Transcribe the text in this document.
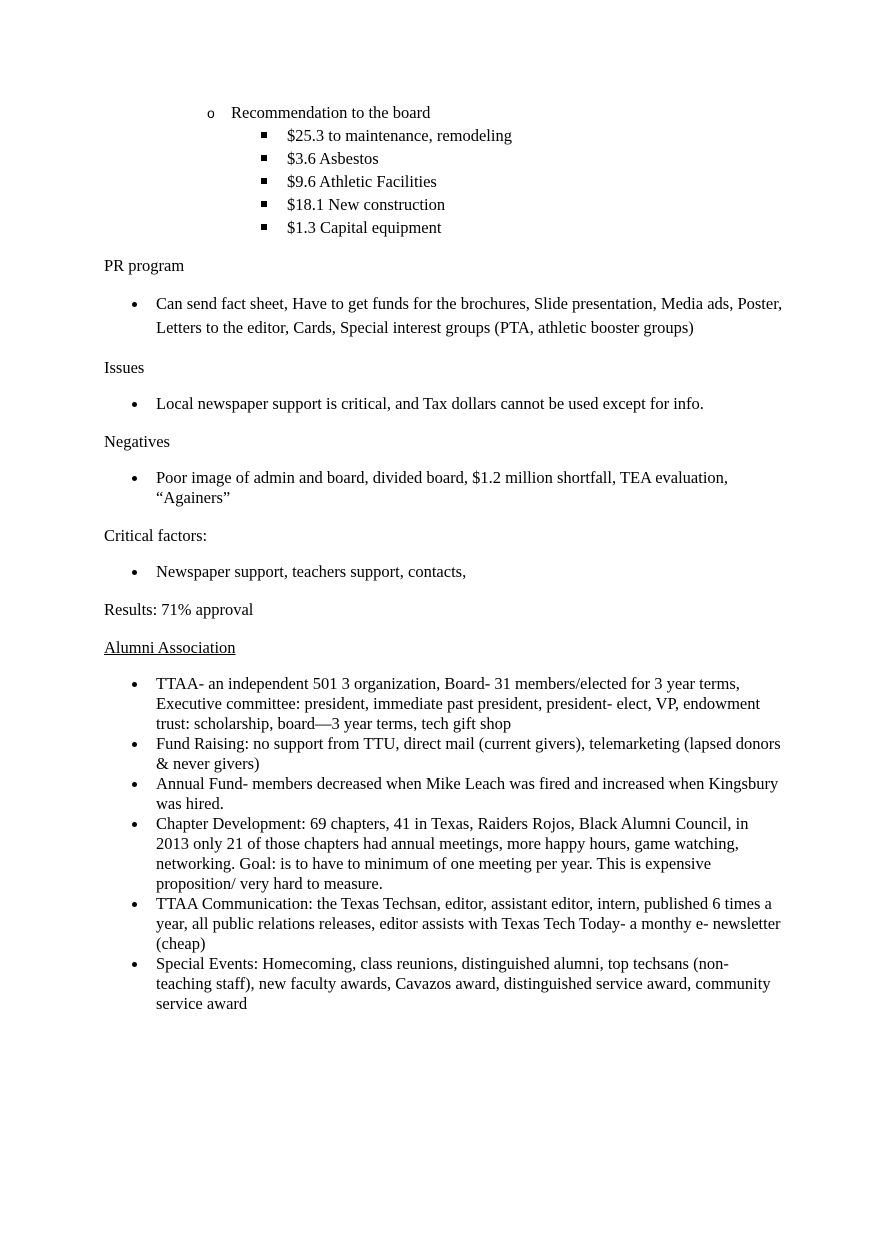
o Recommendation to the board
$25.3 to maintenance, remodeling
$3.6 Asbestos
$9.6 Athletic Facilities
$18.1 New construction
$1.3 Capital equipment

PR program

Can send fact sheet, Have to get funds for the brochures, Slide presentation, Media ads, Poster, Letters to the editor, Cards, Special interest groups (PTA, athletic booster groups)

Issues

Local newspaper support is critical, and Tax dollars cannot be used except for info.

Negatives

Poor image of admin and board, divided board, $1.2 million shortfall, TEA evaluation, “Againers”

Critical factors:

Newspaper support, teachers support, contacts,

Results: 71% approval

Alumni Association

TTAA- an independent 501 3 organization, Board- 31 members/elected for 3 year terms, Executive committee: president, immediate past president, president- elect, VP, endowment trust: scholarship, board—3 year terms, tech gift shop
Fund Raising: no support from TTU, direct mail (current givers), telemarketing (lapsed donors & never givers)
Annual Fund- members decreased when Mike Leach was fired and increased when Kingsbury was hired.
Chapter Development: 69 chapters, 41 in Texas, Raiders Rojos, Black Alumni Council, in 2013 only 21 of those chapters had annual meetings, more happy hours, game watching, networking. Goal: is to have to minimum of one meeting per year. This is expensive proposition/ very hard to measure.
TTAA Communication: the Texas Techsan, editor, assistant editor, intern, published 6 times a year, all public relations releases, editor assists with Texas Tech Today- a monthy e- newsletter (cheap)
Special Events: Homecoming, class reunions, distinguished alumni, top techsans (non-teaching staff), new faculty awards, Cavazos award, distinguished service award, community service award
